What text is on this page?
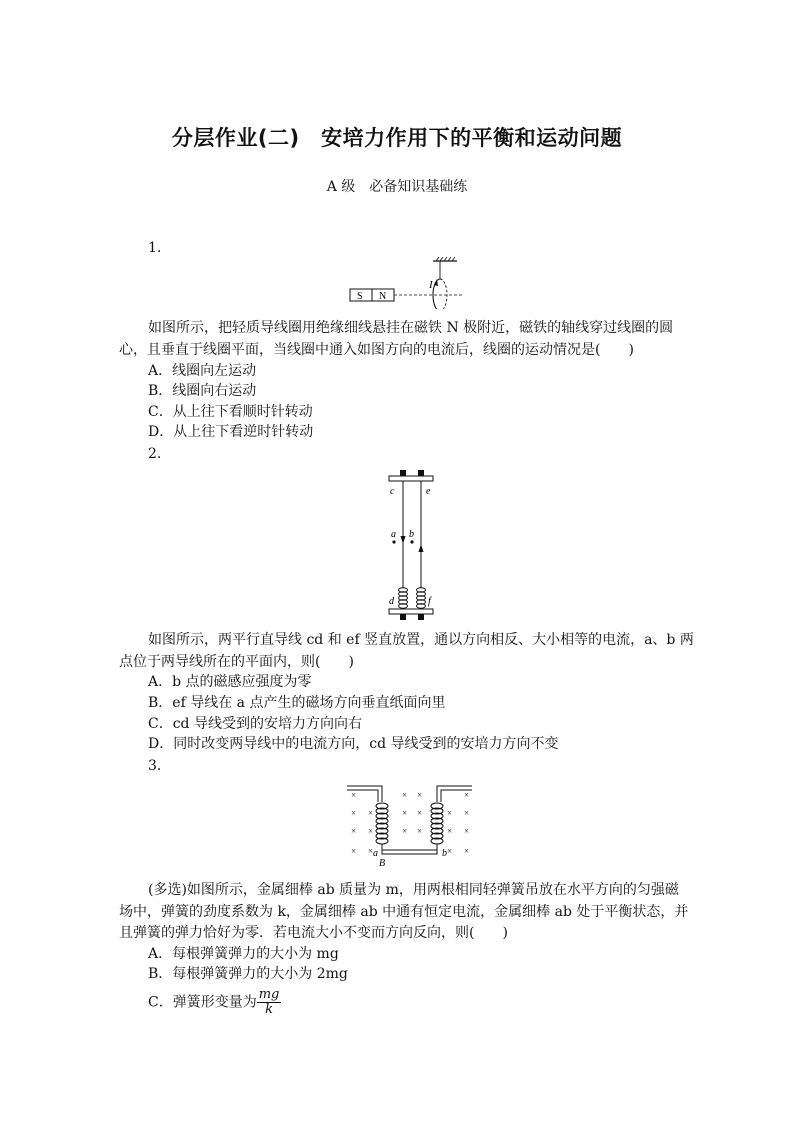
分层作业(二)　安培力作用下的平衡和运动问题
A 级　必备知识基础练
1.
S N
I
如图所示，把轻质导线圈用绝缘细线悬挂在磁铁 N 极附近，磁铁的轴线穿过线圈的圆
心，且垂直于线圈平面，当线圈中通入如图方向的电流后，线圈的运动情况是(　　)
A．线圈向左运动
B．线圈向右运动
C．从上往下看顺时针转动
D．从上往下看逆时针转动
2.
c	e
a b
d	f
如图所示，两平行直导线 cd 和 ef 竖直放置，通以方向相反、大小相等的电流，a、b 两
点位于两导线所在的平面内，则(　　)
A．b 点的磁感应强度为零
B．ef 导线在 a 点产生的磁场方向垂直纸面向里
C．cd 导线受到的安培力方向向右
D．同时改变两导线中的电流方向，cd 导线受到的安培力方向不变
3.
×
×
×
×
×
×
×
× ×
× ×
× ×
×
×
×
×
×
×
×
a	b
B
(多选)如图所示，金属细棒 ab 质量为 m，用两根相同轻弹簧吊放在水平方向的匀强磁
场中，弹簧的劲度系数为 k，金属细棒 ab 中通有恒定电流，金属细棒 ab 处于平衡状态，并
且弹簧的弹力恰好为零．若电流大小不变而方向反向，则(　　)
A．每根弹簧弹力的大小为 mg
B．每根弹簧弹力的大小为 2mg
C．弹簧形变量为 $\frac{mg}{k}$
